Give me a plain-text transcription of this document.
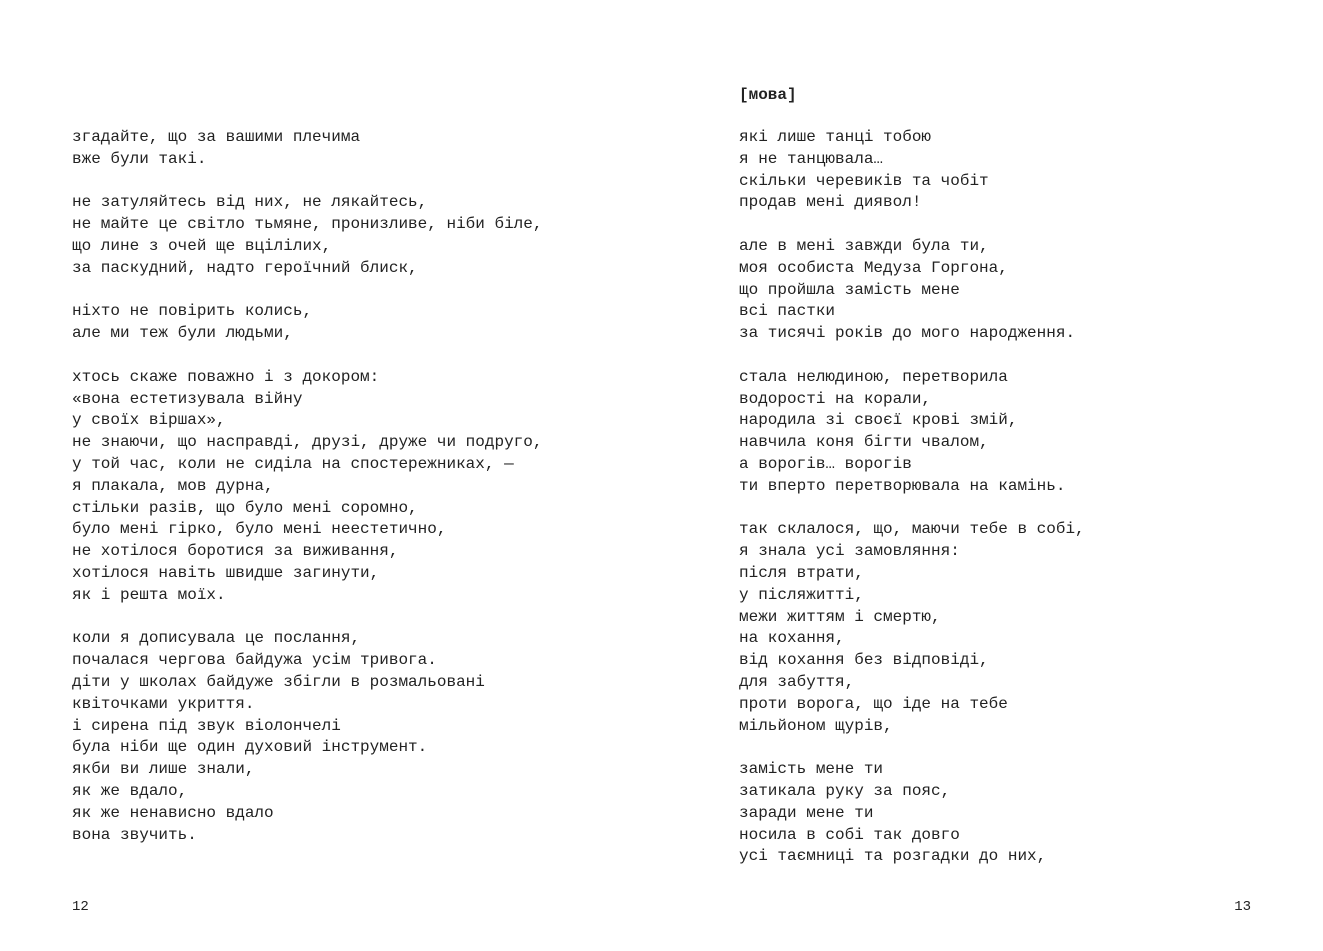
згадайте, що за вашими плечима
вже були такі.
не затуляйтесь від них, не лякайтесь,
не майте це світло тьмяне, пронизливе, ніби біле,
що лине з очей ще вцілілих,
за паскудний, надто героїчний блиск,
ніхто не повірить колись,
але ми теж були людьми,
хтось скаже поважно і з докором:
«вона естетизувала війну
у своїх віршах»,
не знаючи, що насправді, друзі, друже чи подруго,
у той час, коли не сиділа на спостережниках, —
я плакала, мов дурна,
стільки разів, що було мені соромно,
було мені гірко, було мені неестетично,
не хотілося боротися за виживання,
хотілося навіть швидше загинути,
як і решта моїх.
коли я дописувала це послання,
почалася чергова байдужа усім тривога.
діти у школах байдуже збігли в розмальовані
квіточками укриття.
і сирена під звук віолончелі
була ніби ще один духовий інструмент.
якби ви лише знали,
як же вдало,
як же ненависно вдало
вона звучить.
12
[мова]
які лише танці тобою
я не танцювала…
скільки черевиків та чобіт
продав мені диявол!
але в мені завжди була ти,
моя особиста Медуза Горгона,
що пройшла замість мене
всі пастки
за тисячі років до мого народження.
стала нелюдиною, перетворила
водорості на корали,
народила зі своєї крові змій,
навчила коня бігти чвалом,
а ворогів… ворогів
ти вперто перетворювала на камінь.
так склалося, що, маючи тебе в собі,
я знала усі замовляння:
після втрати,
у післяжитті,
межи життям і смертю,
на кохання,
від кохання без відповіді,
для забуття,
проти ворога, що іде на тебе
мільйоном щурів,
замість мене ти
затикала руку за пояс,
заради мене ти
носила в собі так довго
усі таємниці та розгадки до них,
13
